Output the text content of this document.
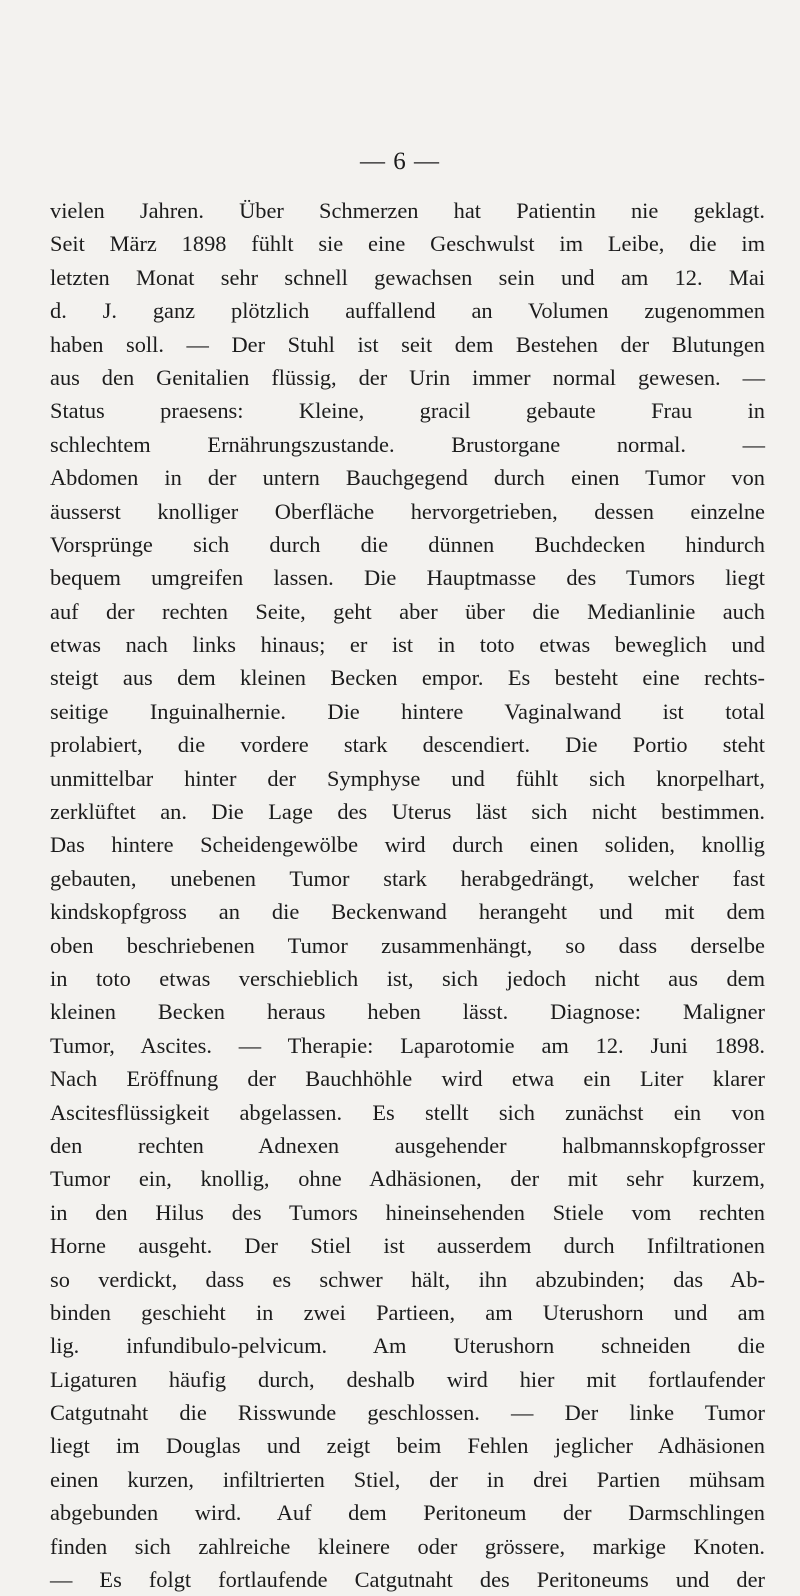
— 6 —
vielen Jahren. Über Schmerzen hat Patientin nie geklagt.
Seit März 1898 fühlt sie eine Geschwulst im Leibe, die im
letzten Monat sehr schnell gewachsen sein und am 12. Mai
d. J. ganz plötzlich auffallend an Volumen zugenommen
haben soll. — Der Stuhl ist seit dem Bestehen der Blutungen
aus den Genitalien flüssig, der Urin immer normal gewesen. —
Status praesens: Kleine, gracil gebaute Frau in
schlechtem Ernährungszustande. Brustorgane normal. —
Abdomen in der untern Bauchgegend durch einen Tumor von
äusserst knolliger Oberfläche hervorgetrieben, dessen einzelne
Vorsprünge sich durch die dünnen Buchdecken hindurch
bequem umgreifen lassen. Die Hauptmasse des Tumors liegt
auf der rechten Seite, geht aber über die Medianlinie auch
etwas nach links hinaus; er ist in toto etwas beweglich und
steigt aus dem kleinen Becken empor. Es besteht eine rechts-
seitige Inguinalhernie. Die hintere Vaginalwand ist total
prolabiert, die vordere stark descendiert. Die Portio steht
unmittelbar hinter der Symphyse und fühlt sich knorpelhart,
zerklüftet an. Die Lage des Uterus läst sich nicht bestimmen.
Das hintere Scheidengewölbe wird durch einen soliden, knollig
gebauten, unebenen Tumor stark herabgedrängt, welcher fast
kindskopfgross an die Beckenwand herangeht und mit dem
oben beschriebenen Tumor zusammenhängt, so dass derselbe
in toto etwas verschieblich ist, sich jedoch nicht aus dem
kleinen Becken heraus heben lässt. Diagnose: Maligner
Tumor, Ascites. — Therapie: Laparotomie am 12. Juni 1898.
Nach Eröffnung der Bauchhöhle wird etwa ein Liter klarer
Ascitesflüssigkeit abgelassen. Es stellt sich zunächst ein von
den rechten Adnexen ausgehender halbmannskopfgrosser
Tumor ein, knollig, ohne Adhäsionen, der mit sehr kurzem,
in den Hilus des Tumors hineinsehenden Stiele vom rechten
Horne ausgeht. Der Stiel ist ausserdem durch Infiltrationen
so verdickt, dass es schwer hält, ihn abzubinden; das Ab-
binden geschieht in zwei Partieen, am Uterushorn und am
lig. infundibulo-pelvicum. Am Uterushorn schneiden die
Ligaturen häufig durch, deshalb wird hier mit fortlaufender
Catgutnaht die Risswunde geschlossen. — Der linke Tumor
liegt im Douglas und zeigt beim Fehlen jeglicher Adhäsionen
einen kurzen, infiltrierten Stiel, der in drei Partien mühsam
abgebunden wird. Auf dem Peritoneum der Darmschlingen
finden sich zahlreiche kleinere oder grössere, markige Knoten.
— Es folgt fortlaufende Catgutnaht des Peritoneums und der
